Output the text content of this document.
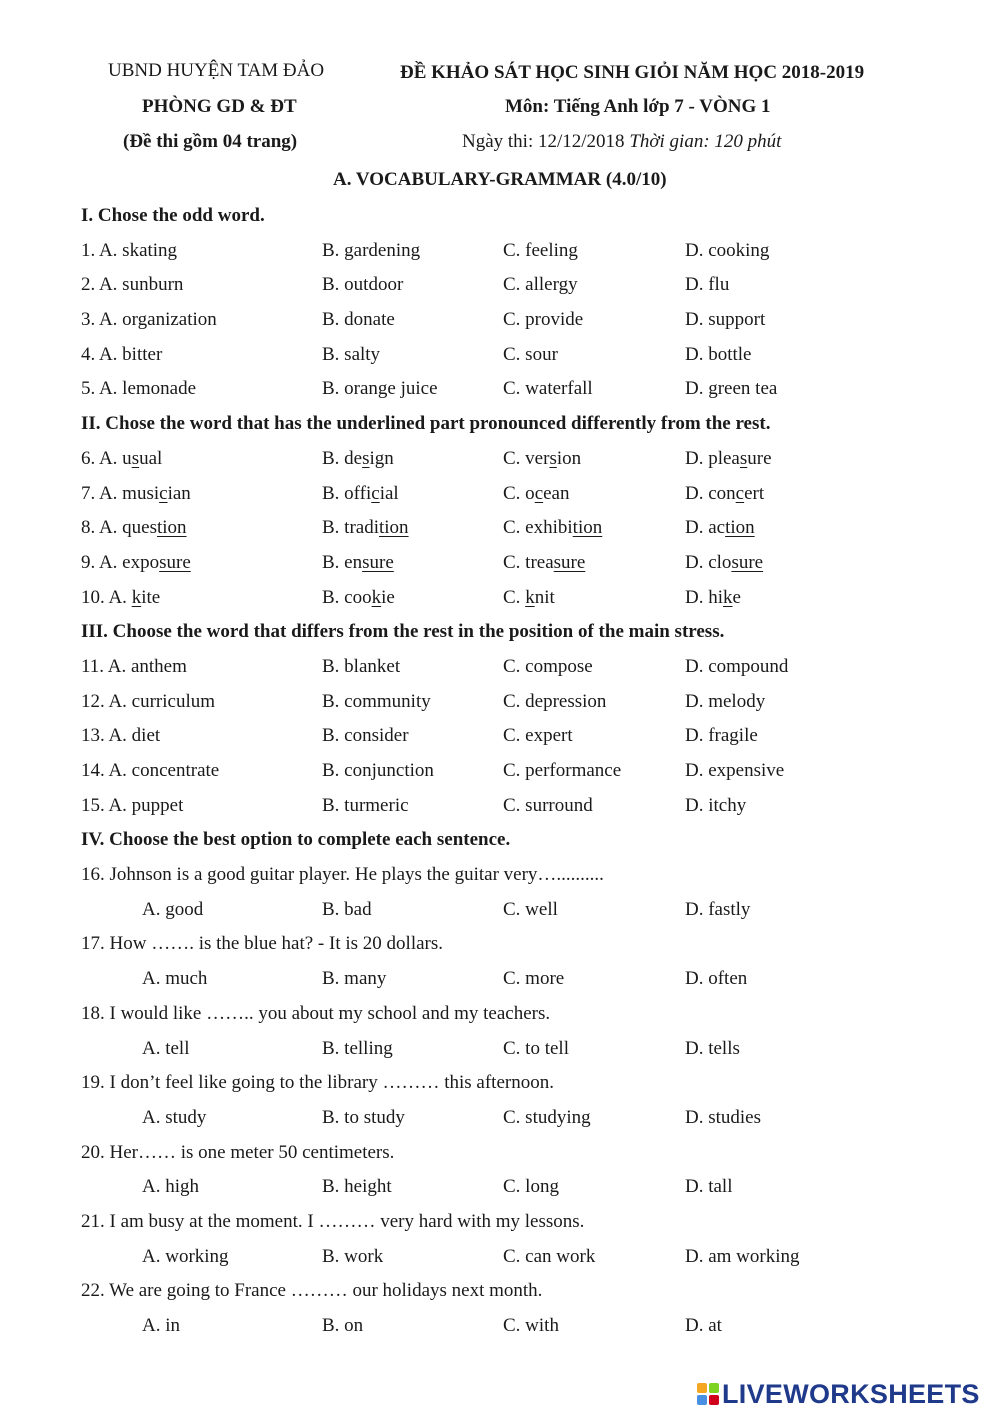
UBND HUYỆN TAM ĐẢO
PHÒNG GD & ĐT
(Đề thi gồm 04 trang)
ĐỀ KHẢO SÁT HỌC SINH GIỎI NĂM HỌC 2018-2019
Môn: Tiếng Anh lớp 7 - VÒNG 1
Ngày thi: 12/12/2018 Thời gian: 120 phút
A. VOCABULARY-GRAMMAR (4.0/10)
I. Chose the odd word.
1. A. skating	B. gardening	C. feeling	D. cooking
2. A. sunburn	B. outdoor	C. allergy	D. flu
3. A. organization	B. donate	C. provide	D. support
4. A. bitter	B. salty	C. sour	D. bottle
5. A. lemonade	B. orange juice	C. waterfall	D. green tea
II. Chose the word that has the underlined part pronounced differently from the rest.
6. A. usual	B. design	C. version	D. pleasure
7. A. musician	B. official	C. ocean	D. concert
8. A. question	B. tradition	C. exhibition	D. action
9. A. exposure	B. ensure	C. treasure	D. closure
10. A. kite	B. cookie	C. knit	D. hike
III. Choose the word that differs from the rest in the position of the main stress.
11. A. anthem	B. blanket	C. compose	D. compound
12. A. curriculum	B. community	C. depression	D. melody
13. A. diet	B. consider	C. expert	D. fragile
14. A. concentrate	B. conjunction	C. performance	D. expensive
15. A. puppet	B. turmeric	C. surround	D. itchy
IV. Choose the best option to complete each sentence.
16. Johnson is a good guitar player. He plays the guitar very…..........
A. good	B. bad	C. well	D. fastly
17. How ……. is the blue hat? - It is 20 dollars.
A. much	B. many	C. more	D. often
18. I would like …….. you about my school and my teachers.
A. tell	B. telling	C. to tell	D. tells
19. I don’t feel like going to the library ……… this afternoon.
A. study	B. to study	C. studying	D. studies
20. Her…… is one meter 50 centimeters.
A. high	B. height	C. long	D. tall
21. I am busy at the moment. I ……… very hard with my lessons.
A. working	B. work	C. can work	D. am working
22. We are going to France ……… our holidays next month.
A. in	B. on	C. with	D. at
LIVEWORKSHEETS
